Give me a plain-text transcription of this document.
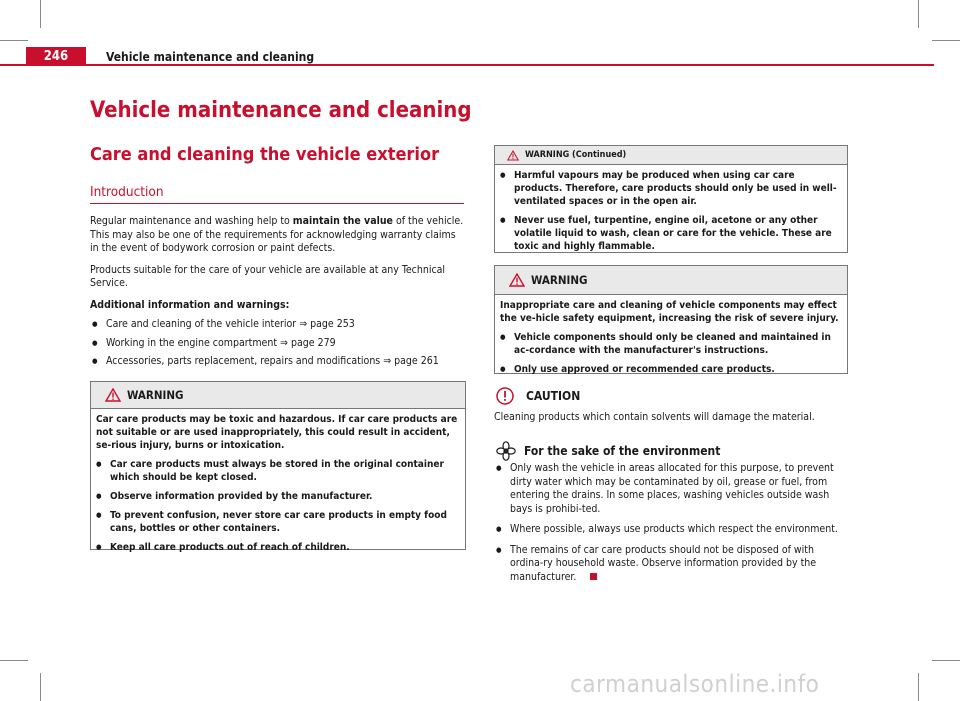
246	Vehicle maintenance and cleaning
Vehicle maintenance and cleaning
Care and cleaning the vehicle exterior
Introduction

Regular maintenance and washing help to maintain the value of the vehicle. This may also be one of the requirements for acknowledging warranty claims in the event of bodywork corrosion or paint defects.

Products suitable for the care of your vehicle are available at any Technical Service.

Additional information and warnings:

● Care and cleaning of the vehicle interior ⇒ page 253
● Working in the engine compartment ⇒ page 279
● Accessories, parts replacement, repairs and modifications ⇒ page 261
WARNING

Car care products may be toxic and hazardous. If car care products are not suitable or are used inappropriately, this could result in accident, se-rious injury, burns or intoxication.

● Car care products must always be stored in the original container which should be kept closed.

● Observe information provided by the manufacturer.

● To prevent confusion, never store car care products in empty food cans, bottles or other containers.

● Keep all care products out of reach of children.

WARNING (Continued)

● Harmful vapours may be produced when using car care products. Therefore, care products should only be used in well-ventilated spaces or in the open air.

● Never use fuel, turpentine, engine oil, acetone or any other volatile liquid to wash, clean or care for the vehicle. These are toxic and highly flammable.

WARNING

Inappropriate care and cleaning of vehicle components may effect the ve-hicle safety equipment, increasing the risk of severe injury.

● Vehicle components should only be cleaned and maintained in ac-cordance with the manufacturer's instructions.

● Only use approved or recommended care products.

CAUTION

Cleaning products which contain solvents will damage the material.

For the sake of the environment

● Only wash the vehicle in areas allocated for this purpose, to prevent dirty water which may be contaminated by oil, grease or fuel, from entering the drains. In some places, washing vehicles outside wash bays is prohibi-ted.

● Where possible, always use products which respect the environment.

● The remains of car care products should not be disposed of with ordina-ry household waste. Observe information provided by the manufacturer.

carmanualsonline.info
